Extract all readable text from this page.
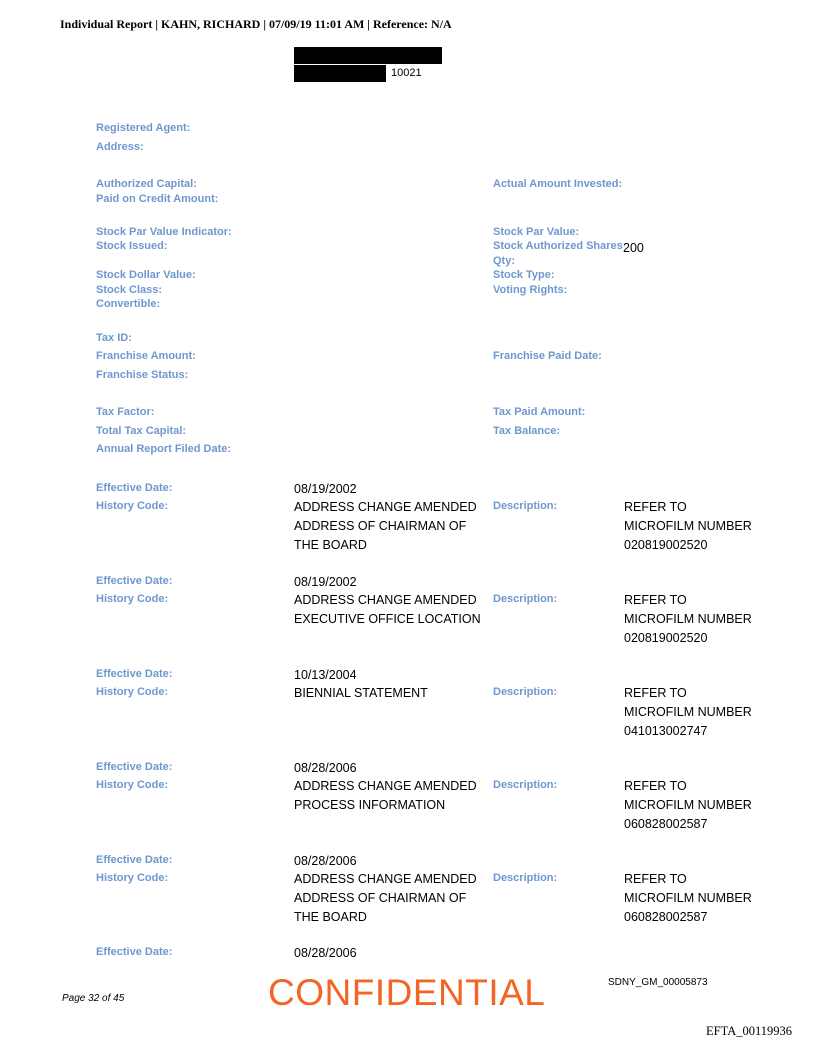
Individual Report | KAHN, RICHARD | 07/09/19 11:01 AM | Reference: N/A
10021
Registered Agent:
Address:
Authorized Capital:	Actual Amount Invested:
Paid on Credit Amount:
Stock Par Value Indicator:	Stock Par Value:
Stock Issued:	Stock Authorized Shares
Qty:
200
Stock Dollar Value:	Stock Type:
Stock Class:	Voting Rights:
Convertible:
Tax ID:
Franchise Amount:	Franchise Paid Date:
Franchise Status:
Tax Factor:	Tax Paid Amount:
Total Tax Capital:	Tax Balance:
Annual Report Filed Date:
Effective Date:	08/19/2002
History Code:	ADDRESS CHANGE AMENDED
ADDRESS OF CHAIRMAN OF
THE BOARD
Description:	REFER TO
MICROFILM NUMBER
020819002520
Effective Date:	08/19/2002
History Code:	ADDRESS CHANGE AMENDED
EXECUTIVE OFFICE LOCATION
Description:	REFER TO
MICROFILM NUMBER
020819002520
Effective Date:	10/13/2004
History Code:	BIENNIAL STATEMENT	Description:	REFER TO
MICROFILM NUMBER
041013002747
Effective Date:	08/28/2006
History Code:	ADDRESS CHANGE AMENDED
PROCESS INFORMATION
Description:	REFER TO
MICROFILM NUMBER
060828002587
Effective Date:	08/28/2006
History Code:	ADDRESS CHANGE AMENDED
ADDRESS OF CHAIRMAN OF
THE BOARD
Description:	REFER TO
MICROFILM NUMBER
060828002587
Effective Date:	08/28/2006
Page 32 of 45	CONFIDENTIAL	SDNY_GM_00005873
EFTA_00119936
